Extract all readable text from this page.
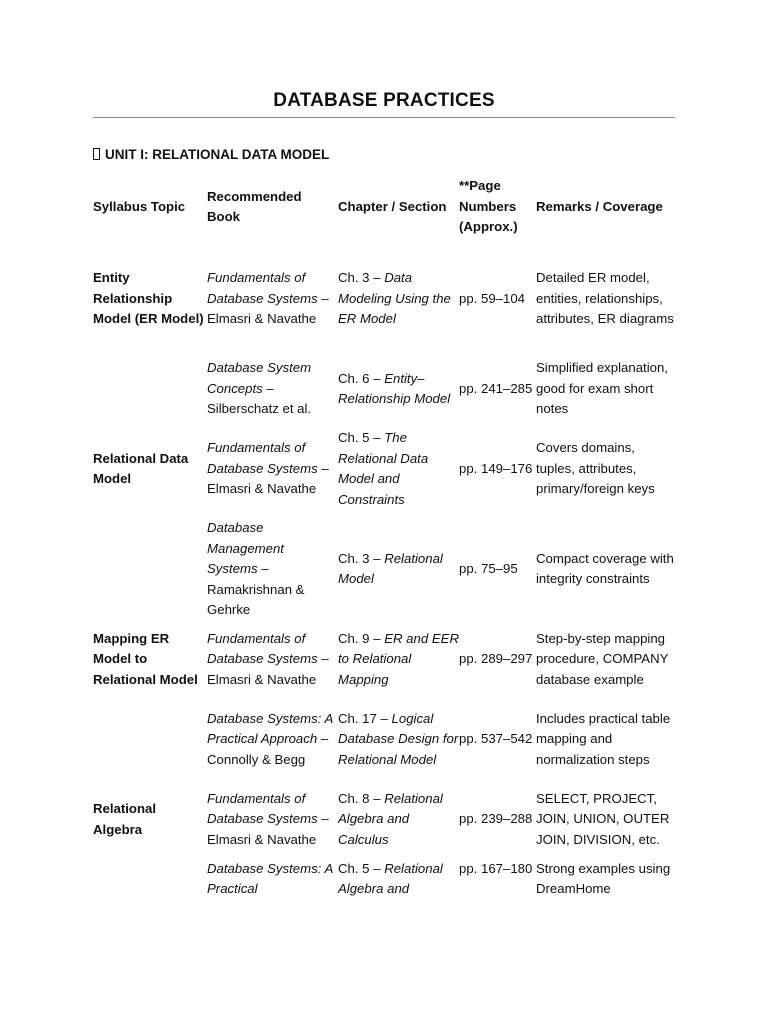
DATABASE PRACTICES
UNIT I: RELATIONAL DATA MODEL
Syllabus Topic	Recommended Book	Chapter / Section	**Page Numbers (Approx.)	Remarks / Coverage
Entity Relationship Model (ER Model)	Fundamentals of Database Systems – Elmasri & Navathe	Ch. 3 – Data Modeling Using the ER Model	pp. 59–104	Detailed ER model, entities, relationships, attributes, ER diagrams
	Database System Concepts – Silberschatz et al.	Ch. 6 – Entity–Relationship Model	pp. 241–285	Simplified explanation, good for exam short notes
Relational Data Model	Fundamentals of Database Systems – Elmasri & Navathe	Ch. 5 – The Relational Data Model and Constraints	pp. 149–176	Covers domains, tuples, attributes, primary/foreign keys
	Database Management Systems – Ramakrishnan & Gehrke	Ch. 3 – Relational Model	pp. 75–95	Compact coverage with integrity constraints
Mapping ER Model to Relational Model	Fundamentals of Database Systems – Elmasri & Navathe	Ch. 9 – ER and EER to Relational Mapping	pp. 289–297	Step-by-step mapping procedure, COMPANY database example
	Database Systems: A Practical Approach – Connolly & Begg	Ch. 17 – Logical Database Design for Relational Model	pp. 537–542	Includes practical table mapping and normalization steps
Relational Algebra	Fundamentals of Database Systems – Elmasri & Navathe	Ch. 8 – Relational Algebra and Calculus	pp. 239–288	SELECT, PROJECT, JOIN, UNION, OUTER JOIN, DIVISION, etc.
	Database Systems: A Practical	Ch. 5 – Relational Algebra and	pp. 167–180	Strong examples using DreamHome
